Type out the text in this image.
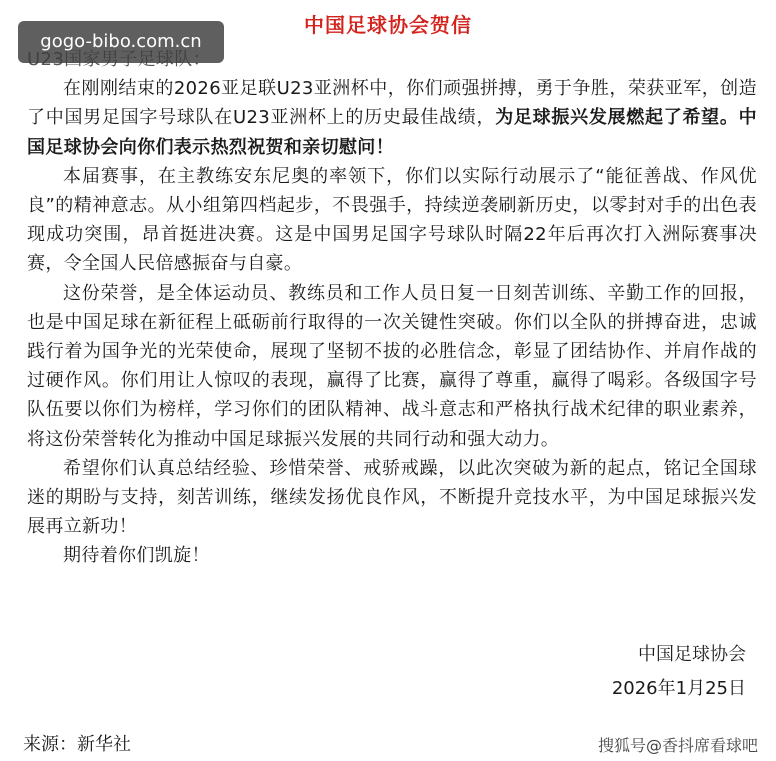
中国足球协会贺信

在刚刚结束的2026亚足联U23亚洲杯中，你们顽强拼搏，勇于争胜，荣获亚军，创造了中国男足国字号球队在U23亚洲杯上的历史最佳战绩，为足球振兴发展燃起了希望。中国足球协会向你们表示热烈祝贺和亲切慰问！

本届赛事，在主教练安东尼奥的率领下，你们以实际行动展示了“能征善战、作风优良”的精神意志。从小组第四档起步，不畏强手，持续逆袭刷新历史，以零封对手的出色表现成功突围，昂首挺进决赛。这是中国男足国字号球队时隔22年后再次打入洲际赛事决赛，令全国人民倍感振奋与自豪。

这份荣誉，是全体运动员、教练员和工作人员日复一日刻苦训练、辛勤工作的回报，也是中国足球在新征程上砥砺前行取得的一次关键性突破。你们以全队的拼搏奋进，忠诚践行着为国争光的光荣使命，展现了坚韧不拔的必胜信念，彰显了团结协作、并肩作战的过硬作风。你们用让人惊叹的表现，赢得了比赛，赢得了尊重，赢得了喝彩。各级国字号队伍要以你们为榜样，学习你们的团队精神、战斗意志和严格执行战术纪律的职业素养，将这份荣誉转化为推动中国足球振兴发展的共同行动和强大动力。

希望你们认真总结经验、珍惜荣誉、戒骄戒躁，以此次突破为新的起点，铭记全国球迷的期盼与支持，刻苦训练，继续发扬优良作风，不断提升竞技水平，为中国足球振兴发展再立新功！

期待着你们凯旋！

gogo-bibo.com.cn
中国足球协会
2026年1月25日
来源：新华社	搜狐号@香抖席看球吧
